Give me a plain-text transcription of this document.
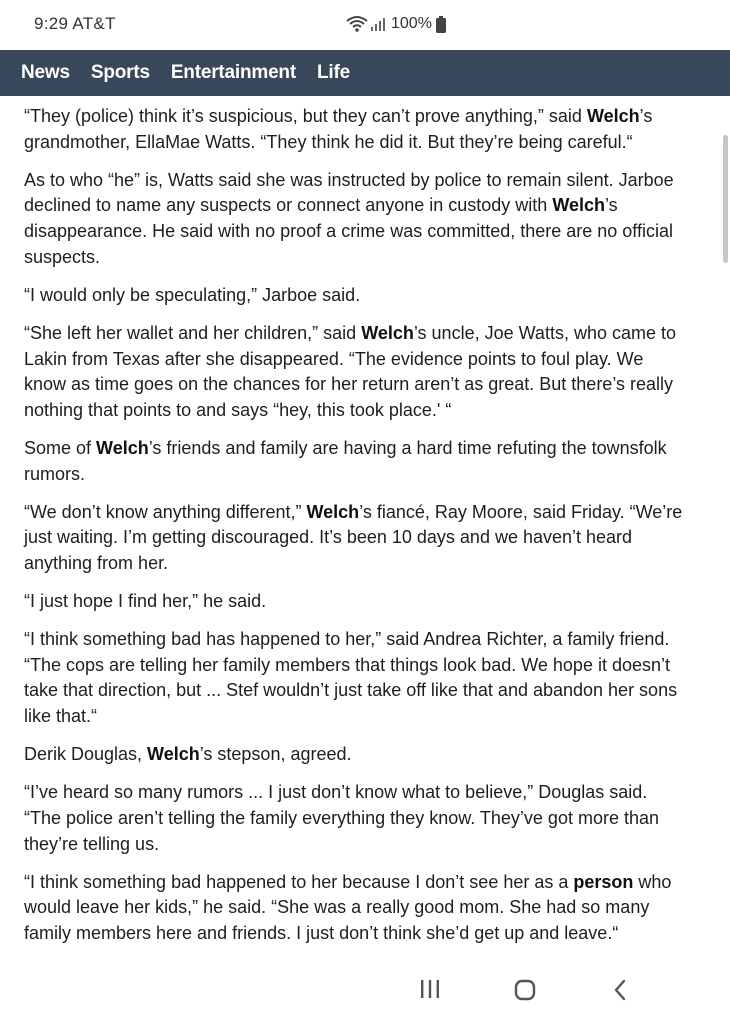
9:29 AT&T	100%
News Sports Entertainment Life

“They (police) think it’s suspicious, but they can’t prove anything,” said Welch’s grandmother, EllaMae Watts. “They think he did it. But they’re being careful.“

As to who “he” is, Watts said she was instructed by police to remain silent. Jarboe declined to name any suspects or connect anyone in custody with Welch’s disappearance. He said with no proof a crime was committed, there are no official suspects.

“I would only be speculating,” Jarboe said.

“She left her wallet and her children,” said Welch’s uncle, Joe Watts, who came to Lakin from Texas after she disappeared. “The evidence points to foul play. We know as time goes on the chances for her return aren’t as great. But there’s really nothing that points to and says “hey, this took place.' “

Some of Welch’s friends and family are having a hard time refuting the townsfolk rumors.

“We don’t know anything different,” Welch’s fiancé, Ray Moore, said Friday. “We’re just waiting. I’m getting discouraged. It’s been 10 days and we haven’t heard anything from her.

“I just hope I find her,” he said.

“I think something bad has happened to her,” said Andrea Richter, a family friend. “The cops are telling her family members that things look bad. We hope it doesn’t take that direction, but ... Stef wouldn’t just take off like that and abandon her sons like that.“

Derik Douglas, Welch’s stepson, agreed.

“I’ve heard so many rumors ... I just don’t know what to believe,” Douglas said. “The police aren’t telling the family everything they know. They’ve got more than they’re telling us.

“I think something bad happened to her because I don’t see her as a person who would leave her kids,” he said. “She was a really good mom. She had so many family members here and friends. I just don’t think she’d get up and leave.“
